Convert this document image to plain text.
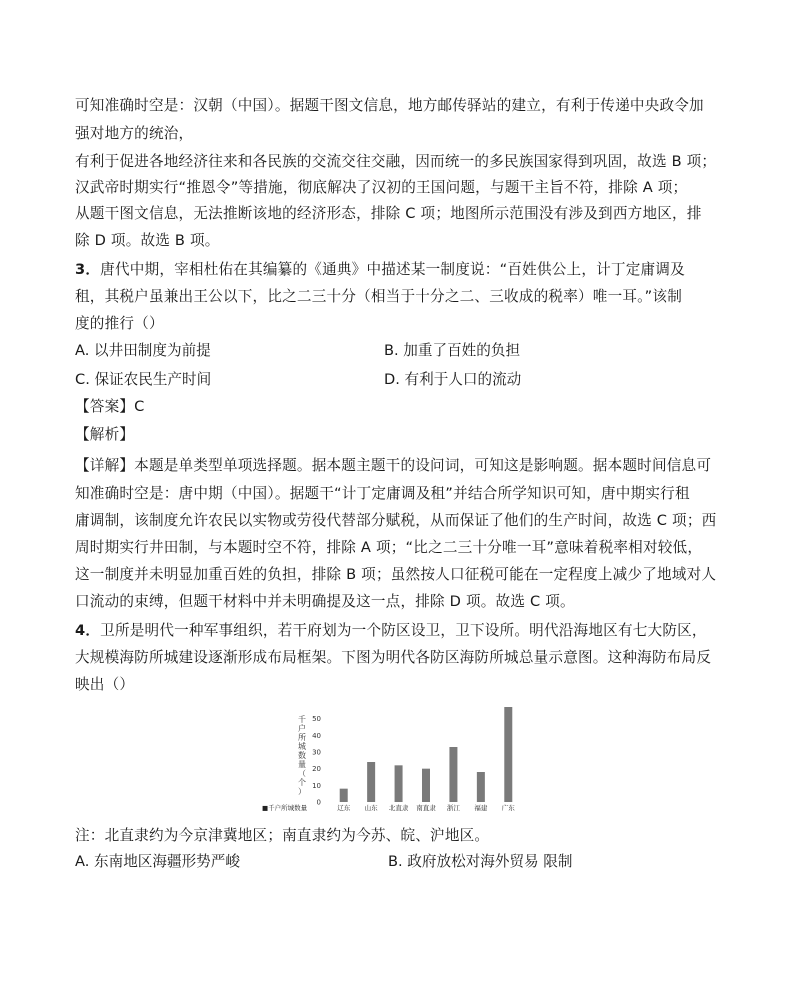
可知准确时空是：汉朝（中国）。据题干图文信息，地方邮传驿站的建立，有利于传递中央政令加
强对地方的统治，
有利于促进各地经济往来和各民族的交流交往交融，因而统一的多民族国家得到巩固，故选 B 项；
汉武帝时期实行“推恩令”等措施，彻底解决了汉初的王国问题，与题干主旨不符，排除 A 项；
从题干图文信息，无法推断该地的经济形态，排除 C 项；地图所示范围没有涉及到西方地区，排
除 D 项。故选 B 项。
3．唐代中期，宰相杜佑在其编纂的《通典》中描述某一制度说：“百姓供公上，计丁定庸调及
租，其税户虽兼出王公以下，比之二三十分（相当于十分之二、三收成的税率）唯一耳。”该制
度的推行（）
A. 以井田制度为前提	B. 加重了百姓的负担
C. 保证农民生产时间	D. 有利于人口的流动
【答案】C
【解析】
【详解】本题是单类型单项选择题。据本题主题干的设问词，可知这是影响题。据本题时间信息可
知准确时空是：唐中期（中国）。据题干“计丁定庸调及租”并结合所学知识可知，唐中期实行租
庸调制，该制度允许农民以实物或劳役代替部分赋税，从而保证了他们的生产时间，故选 C 项；西
周时期实行井田制，与本题时空不符，排除 A 项；“比之二三十分唯一耳”意味着税率相对较低，
这一制度并未明显加重百姓的负担，排除 B 项；虽然按人口征税可能在一定程度上减少了地域对人
口流动的束缚，但题干材料中并未明确提及这一点，排除 D 项。故选 C 项。
4．卫所是明代一种军事组织，若干府划为一个防区设卫，卫下设所。明代沿海地区有七大防区，
大规模海防所城建设逐渐形成布局框架。下图为明代各防区海防所城总量示意图。这种海防布局反
映出（）
0
10
20
30
40
50
千
户
所
城
数
量
（
个
）
辽东 山东 北直隶 南直隶 浙江 福建 广东
■千户所城数量
注：北直隶约为今京津冀地区；南直隶约为今苏、皖、沪地区。
A. 东南地区海疆形势严峻	B. 政府放松对海外贸易 限制
